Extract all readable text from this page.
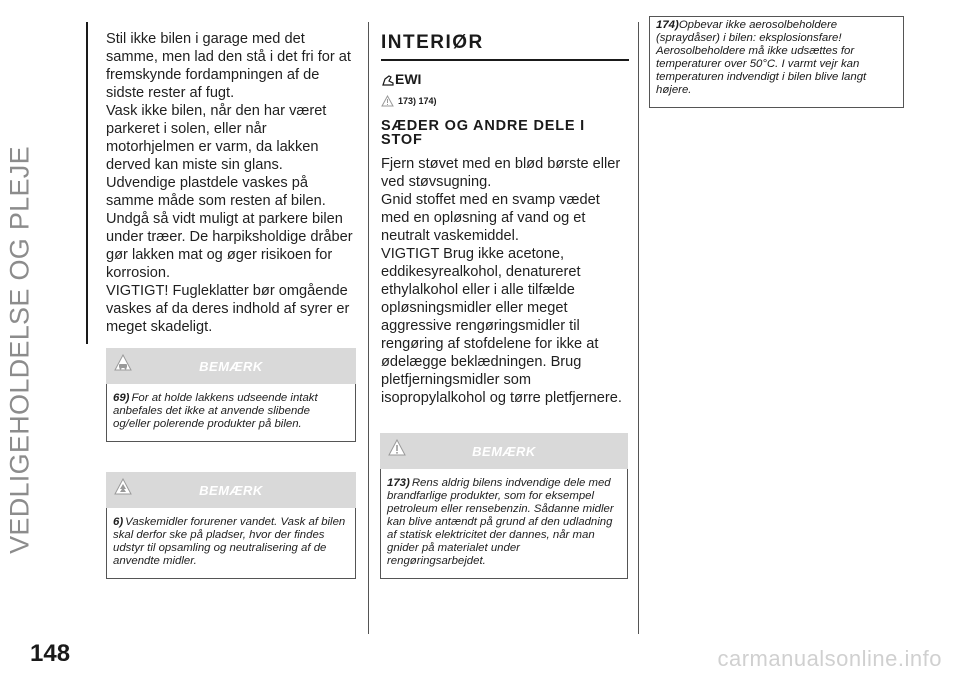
VEDLIGEHOLDELSE OG PLEJE
148

Stil ikke bilen i garage med det samme, men lad den stå i det fri for at fremskynde fordampningen af de sidste rester af fugt.

Vask ikke bilen, når den har været parkeret i solen, eller når motorhjelmen er varm, da lakken derved kan miste sin glans.

Udvendige plastdele vaskes på samme måde som resten af bilen.

Undgå så vidt muligt at parkere bilen under træer. De harpiksholdige dråber gør lakken mat og øger risikoen for korrosion.

VIGTIGT! Fugleklatter bør omgående vaskes af da deres indhold af syrer er meget skadeligt.

BEMÆRK
69) For at holde lakkens udseende intakt anbefales det ikke at anvende slibende og/eller polerende produkter på bilen.
BEMÆRK
6) Vaskemidler forurener vandet. Vask af bilen skal derfor ske på pladser, hvor der findes udstyr til opsamling og neutralisering af de anvendte midler.
INTERIØR
EWI
173) 174)
SÆDER OG ANDRE DELE I STOF

Fjern støvet med en blød børste eller ved støvsugning.

Gnid stoffet med en svamp vædet med en opløsning af vand og et neutralt vaskemiddel.

VIGTIGT Brug ikke acetone, eddikesyrealkohol, denatureret ethylalkohol eller i alle tilfælde opløsningsmidler eller meget aggressive rengøringsmidler til rengøring af stofdelene for ikke at ødelægge beklædningen. Brug pletfjerningsmidler som isopropylalkohol og tørre pletfjernere.

BEMÆRK
173) Rens aldrig bilens indvendige dele med brandfarlige produkter, som for eksempel petroleum eller rensebenzin. Sådanne midler kan blive antændt på grund af den udladning af statisk elektricitet der dannes, når man gnider på materialet under rengøringsarbejdet.
174)Opbevar ikke aerosolbeholdere (spraydåser) i bilen: eksplosionsfare! Aerosolbeholdere må ikke udsættes for temperaturer over 50°C. I varmt vejr kan temperaturen indvendigt i bilen blive langt højere.
carmanualsonline.info
